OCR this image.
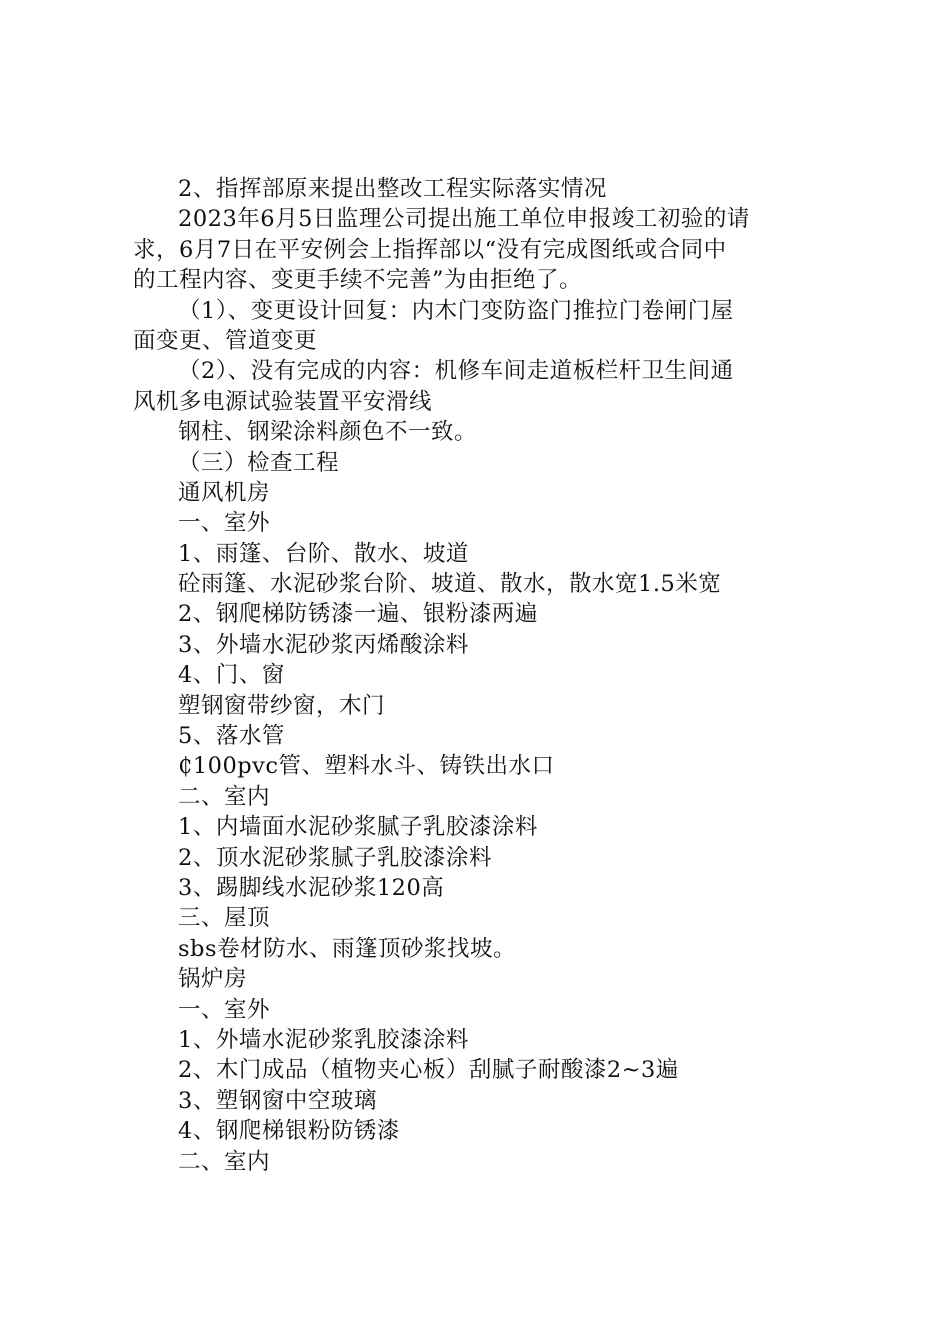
2、指挥部原来提出整改工程实际落实情况
2023年6月5日监理公司提出施工单位申报竣工初验的请
求，6月7日在平安例会上指挥部以“没有完成图纸或合同中
的工程内容、变更手续不完善”为由拒绝了。
（1）、变更设计回复：内木门变防盗门推拉门卷闸门屋
面变更、管道变更
（2）、没有完成的内容：机修车间走道板栏杆卫生间通
风机多电源试验装置平安滑线
钢柱、钢梁涂料颜色不一致。
（三）检查工程
通风机房
一、室外
1、雨篷、台阶、散水、坡道
砼雨篷、水泥砂浆台阶、坡道、散水，散水宽1.5米宽
2、钢爬梯防锈漆一遍、银粉漆两遍
3、外墙水泥砂浆丙烯酸涂料
4、门、窗
塑钢窗带纱窗，木门
5、落水管
₵100pvc管、塑料水斗、铸铁出水口
二、室内
1、内墙面水泥砂浆腻子乳胶漆涂料
2、顶水泥砂浆腻子乳胶漆涂料
3、踢脚线水泥砂浆120高
三、屋顶
sbs卷材防水、雨篷顶砂浆找坡。
锅炉房
一、室外
1、外墙水泥砂浆乳胶漆涂料
2、木门成品（植物夹心板）刮腻子耐酸漆2~3遍
3、塑钢窗中空玻璃
4、钢爬梯银粉防锈漆
二、室内
